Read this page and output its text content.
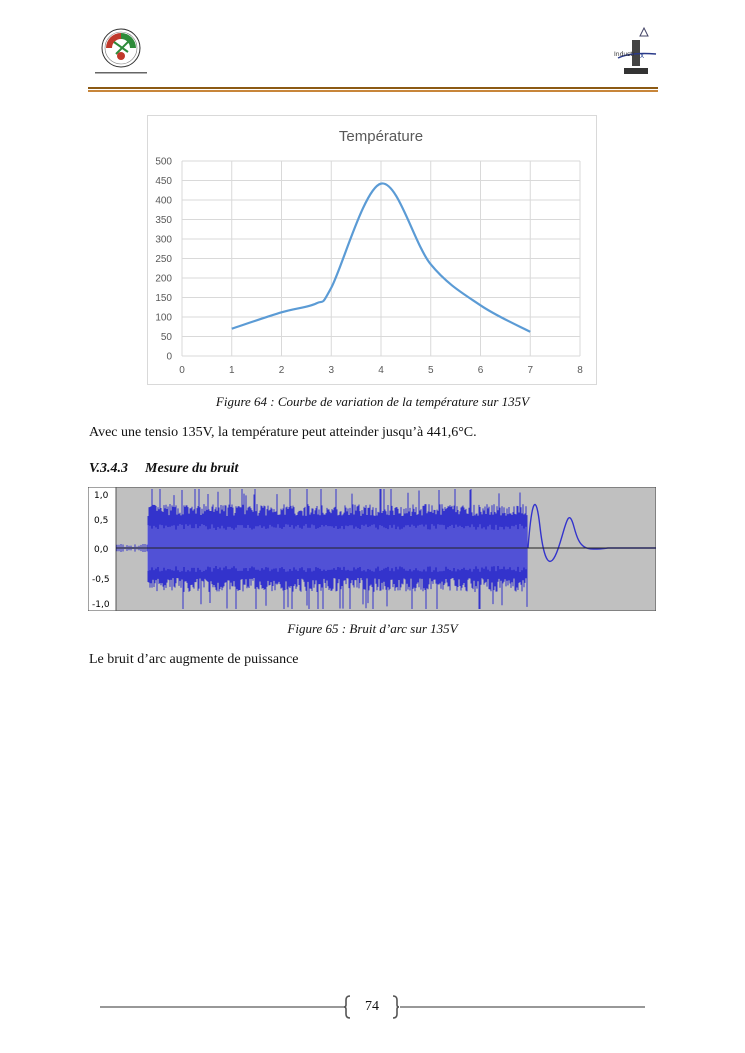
Industr X
Température
0
50
100
150
200
250
300
350
400
450
500
0	1	2	3	4	5	6	7	8
Figure 64 : Courbe de variation de la température sur 135V
Avec une tensio 135V, la température peut atteinder jusqu’à 441,6°C.
V.3.4.3 Mesure du bruit
1,0
0,5
0,0
-0,5
-1,0
Figure 65 : Bruit d’arc sur 135V
Le bruit d’arc augmente de puissance
74
